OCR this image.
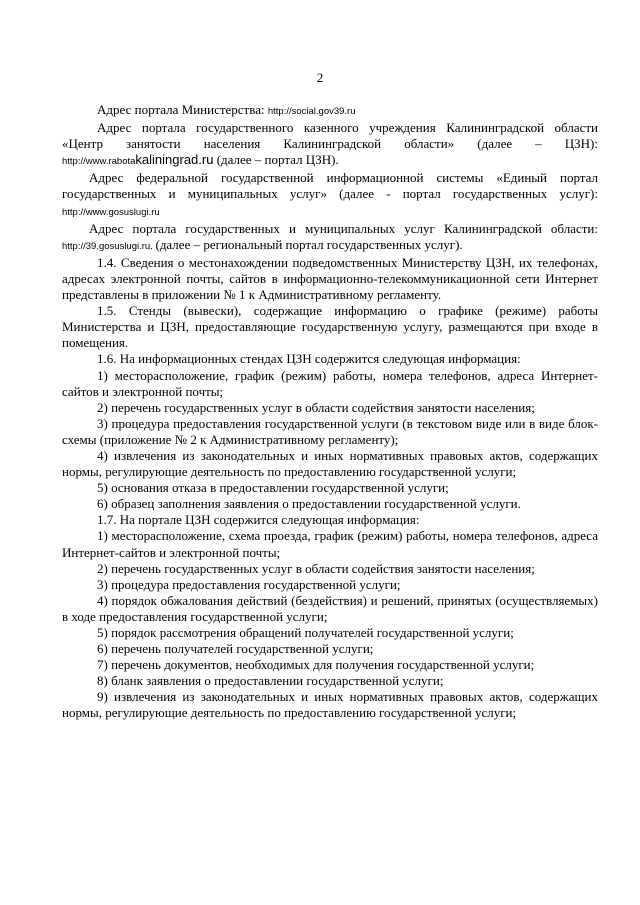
2

Адрес портала Министерства: http://social.gov39.ru

Адрес портала государственного казенного учреждения Калининградской области «Центр занятости населения Калининградской области» (далее – ЦЗН): http://www.rabotakaliningrad.ru (далее – портал ЦЗН).

Адрес федеральной государственной информационной системы «Единый портал государственных и муниципальных услуг» (далее - портал государственных услуг): http://www.gosuslugi.ru

Адрес портала государственных и муниципальных услуг Калининградской области: http://39.gosuslugi.ru. (далее – региональный портал государственных услуг).

1.4. Сведения о местонахождении подведомственных Министерству ЦЗН, их телефонах, адресах электронной почты, сайтов в информационно-телекоммуникационной сети Интернет представлены в приложении № 1 к Административному регламенту.

1.5. Стенды (вывески), содержащие информацию о графике (режиме) работы Министерства и ЦЗН, предоставляющие государственную услугу, размещаются при входе в помещения.

1.6. На информационных стендах ЦЗН содержится следующая информация:

1) месторасположение, график (режим) работы, номера телефонов, адреса Интернет-сайтов и электронной почты;

2) перечень государственных услуг в области содействия занятости населения;

3) процедура предоставления государственной услуги (в текстовом виде или в виде блок-схемы (приложение № 2 к Административному регламенту);

4) извлечения из законодательных и иных нормативных правовых актов, содержащих нормы, регулирующие деятельность по предоставлению государственной услуги;

5) основания отказа в предоставлении государственной услуги;

6) образец заполнения заявления о предоставлении государственной услуги.

1.7. На портале ЦЗН содержится следующая информация:

1) месторасположение, схема проезда, график (режим) работы, номера телефонов, адреса Интернет-сайтов и электронной почты;

2) перечень государственных услуг в области содействия занятости населения;

3) процедура предоставления государственной услуги;

4) порядок обжалования действий (бездействия) и решений, принятых (осуществляемых) в ходе предоставления государственной услуги;

5) порядок рассмотрения обращений получателей государственной услуги;

6) перечень получателей государственной услуги;

7) перечень документов, необходимых для получения государственной услуги;

8) бланк заявления о предоставлении государственной услуги;

9) извлечения из законодательных и иных нормативных правовых актов, содержащих нормы, регулирующие деятельность по предоставлению государственной услуги;
